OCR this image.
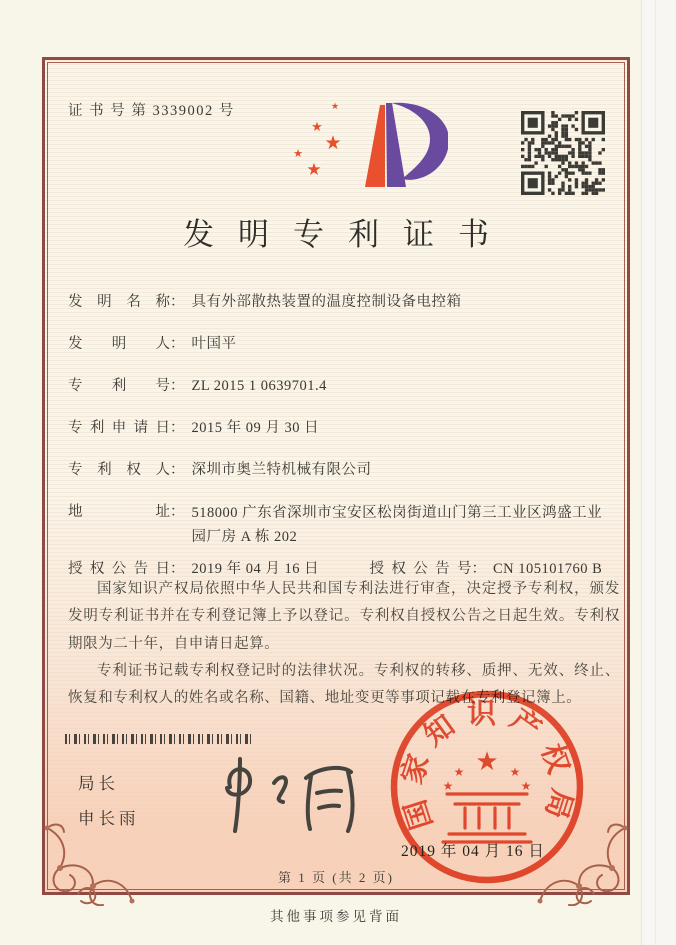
证 书 号 第 3339002 号	★
★
★
★
★
发明专利证书
发明名称 ： 具有外部散热装置的温度控制设备电控箱
发明人 ： 叶国平
专利号 ： ZL 2015 1 0639701.4
专利申请日 ： 2015 年 09 月 30 日
专利权人 ： 深圳市奥兰特机械有限公司
地址 ： 518000 广东省深圳市宝安区松岗街道山门第三工业区鸿盛工业园厂房 A 栋 202
授权公告日 ： 2019 年 04 月 16 日	授权公告号 ： CN 105101760 B

国家知识产权局依照中华人民共和国专利法进行审查，决定授予专利权，颁发发明专利证书并在专利登记簿上予以登记。专利权自授权公告之日起生效。专利权期限为二十年，自申请日起算。

专利证书记载专利权登记时的法律状况。专利权的转移、质押、无效、终止、恢复和专利权人的姓名或名称、国籍、地址变更等事项记载在专利登记簿上。

局长
申长雨	国家知识产权局
★
★	★
★	★
2019 年 04 月 16 日
第 1 页 (共 2 页)
其他事项参见背面
